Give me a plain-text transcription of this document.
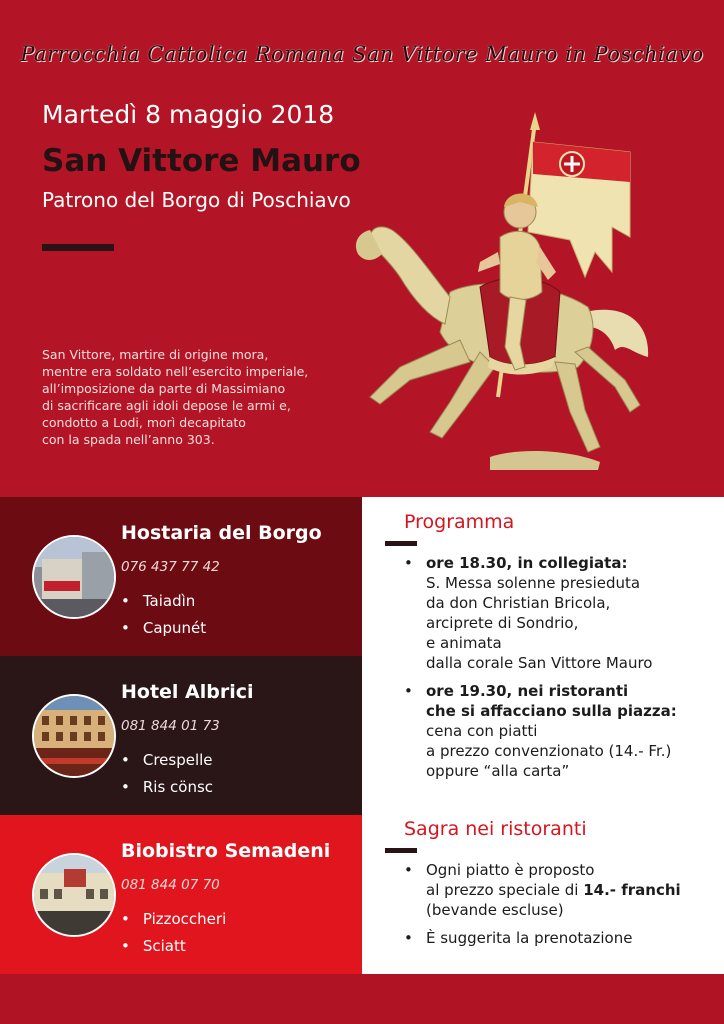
Parrocchia Cattolica Romana San Vittore Mauro in Poschiavo
Martedì 8 maggio 2018
San Vittore Mauro
Patrono del Borgo di Poschiavo
San Vittore, martire di origine mora,
mentre era soldato nell’esercito imperiale,
all’imposizione da parte di Massimiano
di sacrificare agli idoli depose le armi e,
condotto a Lodi, morì decapitato
con la spada nell’anno 303.
Hostaria del Borgo
076 437 77 42
• Taiadìn
• Capunét
Hotel Albrici
081 844 01 73
• Crespelle
• Ris cönsc
Biobistro Semadeni
081 844 07 70
• Pizzoccheri
• Sciatt
Programma
• ore 18.30, in collegiata:
S. Messa solenne presieduta
da don Christian Bricola,
arciprete di Sondrio,
e animata
dalla corale San Vittore Mauro
• ore 19.30, nei ristoranti
che si affacciano sulla piazza:
cena con piatti
a prezzo convenzionato (14.- Fr.)
oppure “alla carta”
Sagra nei ristoranti
• Ogni piatto è proposto
al prezzo speciale di 14.- franchi
(bevande escluse)
• È suggerita la prenotazione
